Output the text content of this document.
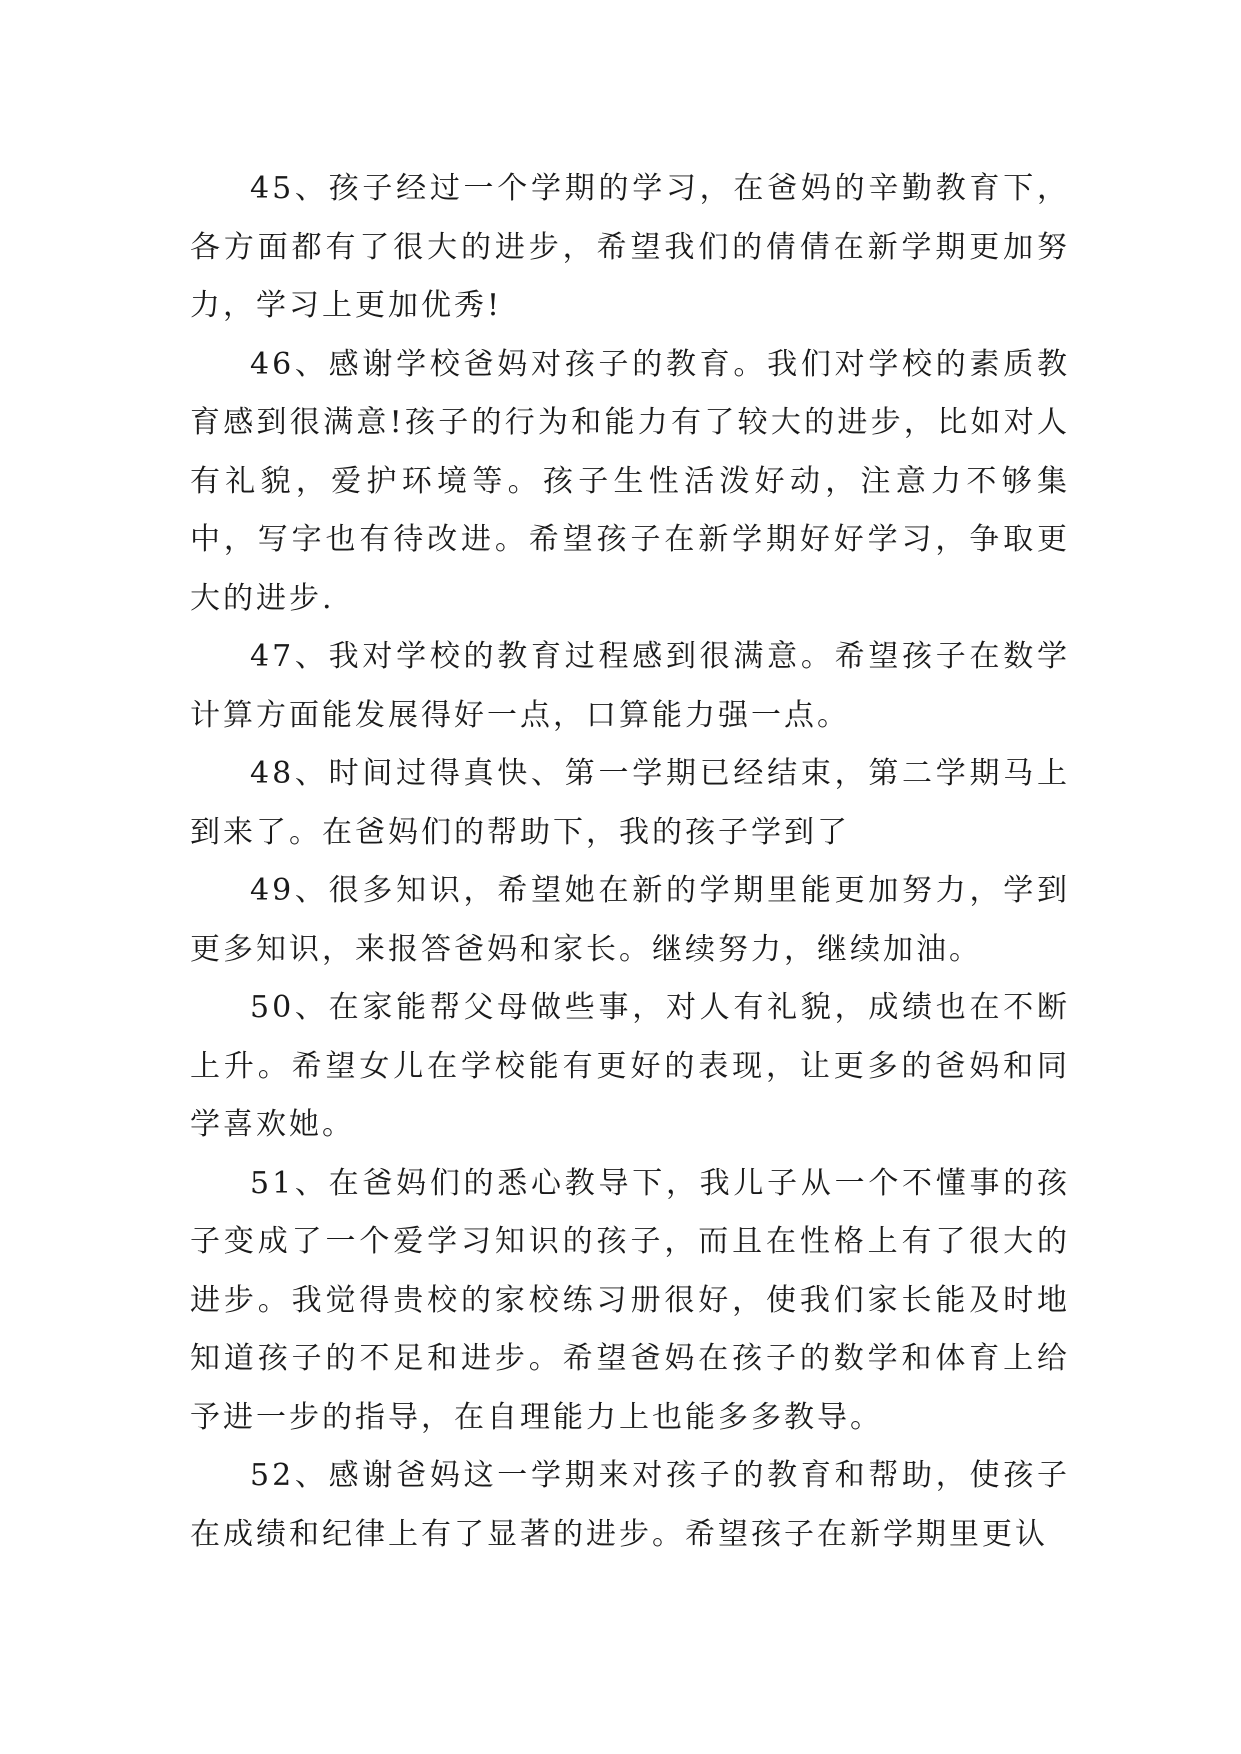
45、孩子经过一个学期的学习，在爸妈的辛勤教育下，各方面都有了很大的进步，希望我们的倩倩在新学期更加努力，学习上更加优秀!

46、感谢学校爸妈对孩子的教育。我们对学校的素质教育感到很满意!孩子的行为和能力有了较大的进步，比如对人有礼貌，爱护环境等。孩子生性活泼好动，注意力不够集中，写字也有待改进。希望孩子在新学期好好学习，争取更大的进步.

47、我对学校的教育过程感到很满意。希望孩子在数学计算方面能发展得好一点，口算能力强一点。

48、时间过得真快、第一学期已经结束，第二学期马上到来了。在爸妈们的帮助下，我的孩子学到了

49、很多知识，希望她在新的学期里能更加努力，学到更多知识，来报答爸妈和家长。继续努力，继续加油。

50、在家能帮父母做些事，对人有礼貌，成绩也在不断上升。希望女儿在学校能有更好的表现，让更多的爸妈和同学喜欢她。

51、在爸妈们的悉心教导下，我儿子从一个不懂事的孩子变成了一个爱学习知识的孩子，而且在性格上有了很大的进步。我觉得贵校的家校练习册很好，使我们家长能及时地知道孩子的不足和进步。希望爸妈在孩子的数学和体育上给予进一步的指导，在自理能力上也能多多教导。

52、感谢爸妈这一学期来对孩子的教育和帮助，使孩子在成绩和纪律上有了显著的进步。希望孩子在新学期里更认
